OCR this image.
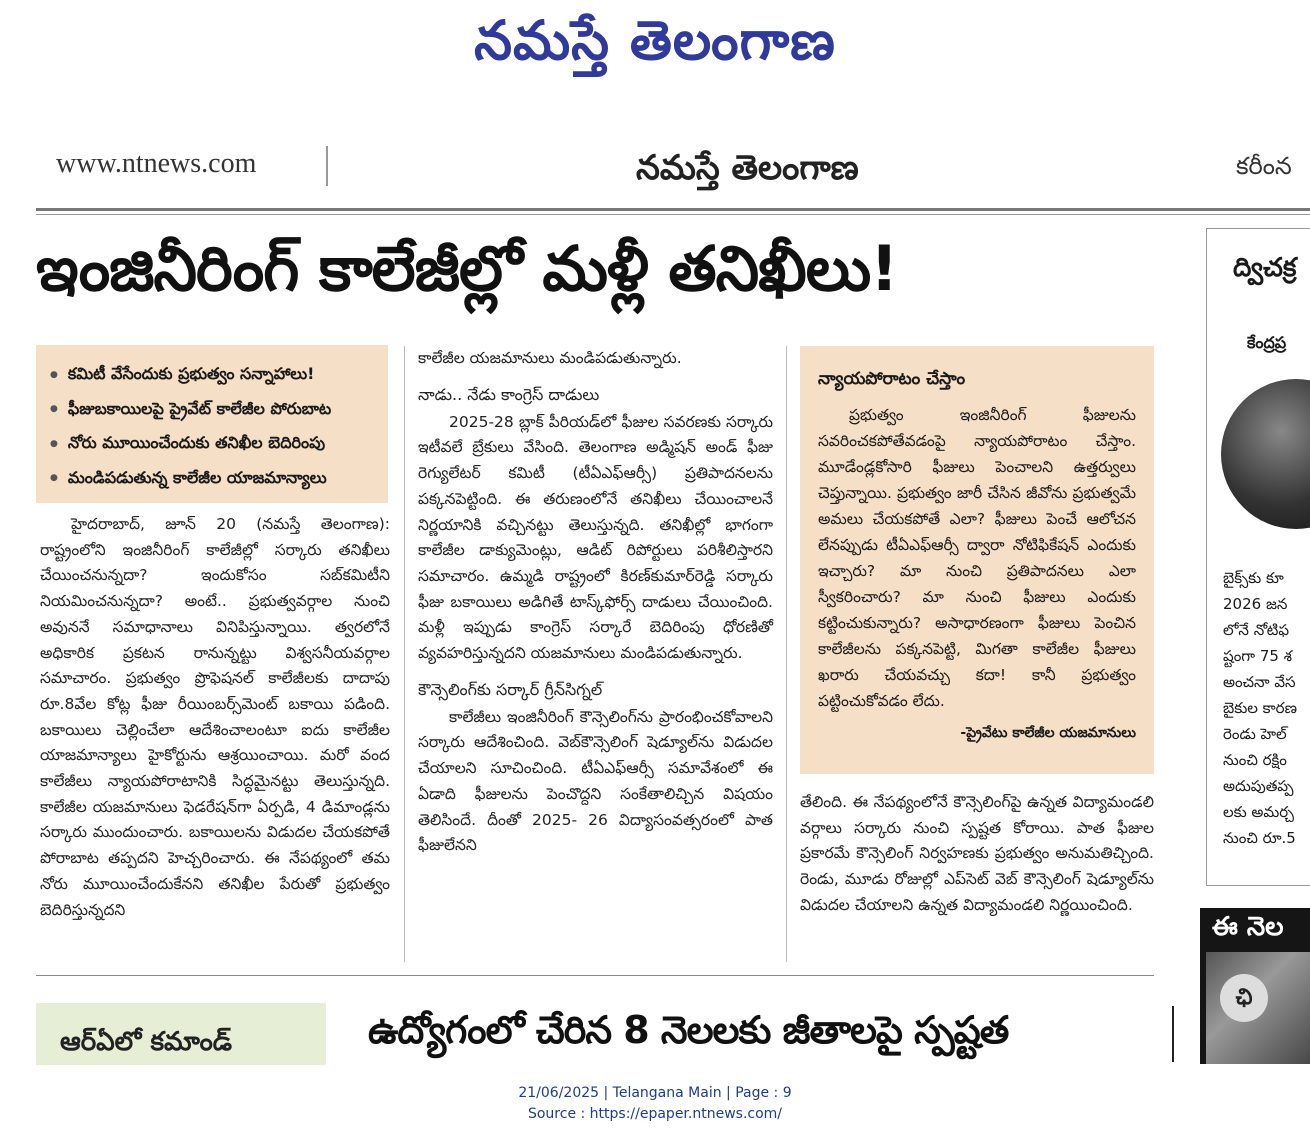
నమస్తే తెలంగాణ
www.ntnews.com	నమస్తే తెలంగాణ	కరీంన
ఇంజినీరింగ్ కాలేజీల్లో మళ్లీ తనిఖీలు!
● కమిటీ వేసేందుకు ప్రభుత్వం సన్నాహాలు!
● ఫీజుబకాయిలపై ప్రైవేట్ కాలేజీల పోరుబాట
● నోరు మూయించేందుకు తనిఖీల బెదిరింపు
● మండిపడుతున్న కాలేజీల యాజమాన్యాలు

హైదరాబాద్, జూన్ 20 (నమస్తే తెలంగాణ): రాష్ట్రంలోని ఇంజినీరింగ్ కాలేజీల్లో సర్కారు తనిఖీలు చేయించనున్నదా? ఇందుకోసం సబ్‌కమిటీని నియమించనున్నదా? అంటే.. ప్రభుత్వవర్గాల నుంచి అవుననే సమాధానాలు వినిపిస్తున్నాయి. త్వరలోనే అధికారిక ప్రకటన రానున్నట్టు విశ్వసనీయవర్గాల సమాచారం. ప్రభుత్వం ప్రొఫెషనల్ కాలేజీలకు దాదాపు రూ.8వేల కోట్ల ఫీజు రీయింబర్స్‌మెంట్ బకాయి పడింది. బకాయిలు చెల్లించేలా ఆదేశించాలంటూ ఐదు కాలేజీల యాజమాన్యాలు హైకోర్టును ఆశ్రయించాయి. మరో వంద కాలేజీలు న్యాయపోరాటానికి సిద్ధమైనట్టు తెలుస్తున్నది. కాలేజీల యజమానులు ఫెడరేషన్‌గా ఏర్పడి, 4 డిమాండ్లను సర్కారు ముందుంచారు. బకాయిలను విడుదల చేయకపోతే పోరాబాట తప్పదని హెచ్చరించారు. ఈ నేపథ్యంలో తమ నోరు మూయించేందుకేనని తనిఖీల పేరుతో ప్రభుత్వం బెదిరిస్తున్నదని

కాలేజీల యజమానులు మండిపడుతున్నారు.

నాడు.. నేడు కాంగ్రెస్ దాడులు

2025-28 బ్లాక్ పీరియడ్‌లో ఫీజుల సవరణకు సర్కారు ఇటీవలే బ్రేకులు వేసింది. తెలంగాణ అడ్మిషన్ అండ్ ఫీజు రెగ్యులేటర్ కమిటీ (టీఏఎఫ్‌ఆర్సీ) ప్రతిపాదనలను పక్కనపెట్టింది. ఈ తరుణంలోనే తనిఖీలు చేయించాలనే నిర్ణయానికి వచ్చినట్టు తెలుస్తున్నది. తనిఖీల్లో భాగంగా కాలేజీల డాక్యుమెంట్లు, ఆడిట్ రిపోర్టులు పరిశీలిస్తారని సమాచారం. ఉమ్మడి రాష్ట్రంలో కిరణ్‌కుమార్‌రెడ్డి సర్కారు ఫీజు బకాయిలు అడిగితే టాస్క్‌ఫోర్స్ దాడులు చేయించింది. మళ్లీ ఇప్పుడు కాంగ్రెస్ సర్కారే బెదిరింపు ధోరణితో వ్యవహరిస్తున్నదని యజమానులు మండిపడుతున్నారు.

కౌన్సెలింగ్‌కు సర్కార్ గ్రీన్‌సిగ్నల్

కాలేజీలు ఇంజినీరింగ్ కౌన్సెలింగ్‌ను ప్రారంభించకోవాలని సర్కారు ఆదేశించింది. వెబ్‌కౌన్సెలింగ్ షెడ్యూల్‌ను విడుదల చేయాలని సూచించింది. టీఏఎఫ్‌ఆర్సీ సమావేశంలో ఈ ఏడాది ఫీజులను పెంచొద్దని సంకేతాలిచ్చిన విషయం తెలిసిందే. దీంతో 2025- 26 విద్యాసంవత్సరంలో పాత ఫీజులేనని

న్యాయపోరాటం చేస్తాం

ప్రభుత్వం ఇంజినీరింగ్ ఫీజులను సవరించకపోతేవడంపై న్యాయపోరాటం చేస్తాం. మూడేండ్లకోసారి ఫీజులు పెంచాలని ఉత్తర్వులు చెప్తున్నాయి. ప్రభుత్వం జారీ చేసిన జీవోను ప్రభుత్వమే అమలు చేయకపోతే ఎలా? ఫీజులు పెంచే ఆలోచన లేనప్పుడు టీఏఎఫ్‌ఆర్సీ ద్వారా నోటిఫికేషన్ ఎందుకు ఇచ్చారు? మా నుంచి ప్రతిపాదనలు ఎలా స్వీకరించారు? మా నుంచి ఫీజులు ఎందుకు కట్టించుకున్నారు? అసాధారణంగా ఫీజులు పెంచిన కాలేజీలను పక్కనపెట్టి, మిగతా కాలేజీల ఫీజులు ఖరారు చేయవచ్చు కదా! కానీ ప్రభుత్వం పట్టించుకోవడం లేదు.

-ప్రైవేటు కాలేజీల యజమానులు

తేలింది. ఈ నేపథ్యంలోనే కౌన్సెలింగ్‌పై ఉన్నత విద్యామండలి వర్గాలు సర్కారు నుంచి స్పష్టత కోరాయి. పాత ఫీజుల ప్రకారమే కౌన్సెలింగ్ నిర్వహణకు ప్రభుత్వం అనుమతిచ్చింది. రెండు, మూడు రోజుల్లో ఎప్‌సెట్ వెబ్ కౌన్సెలింగ్ షెడ్యూల్‌ను విడుదల చేయాలని ఉన్నత విద్యామండలి నిర్ణయించింది.

ద్విచక్ర
కేంద్రప్ర
బైక్స్‌కు కూ
2026 జన
లోనే నోటిఫ
ష్టంగా 75 శ
అంచనా వేస
బైకుల కారణ
రెండు హెల్
నుంచి రక్షిం
అదుపుతప్ప
లకు అమర్చ
నుంచి రూ.5
ఈ నెల
ఛి
ఆర్‌ఏలో కమాండ్	ఉద్యోగంలో చేరిన 8 నెలలకు జీతాలపై స్పష్టత
21/06/2025 | Telangana Main | Page : 9
Source : https://epaper.ntnews.com/
